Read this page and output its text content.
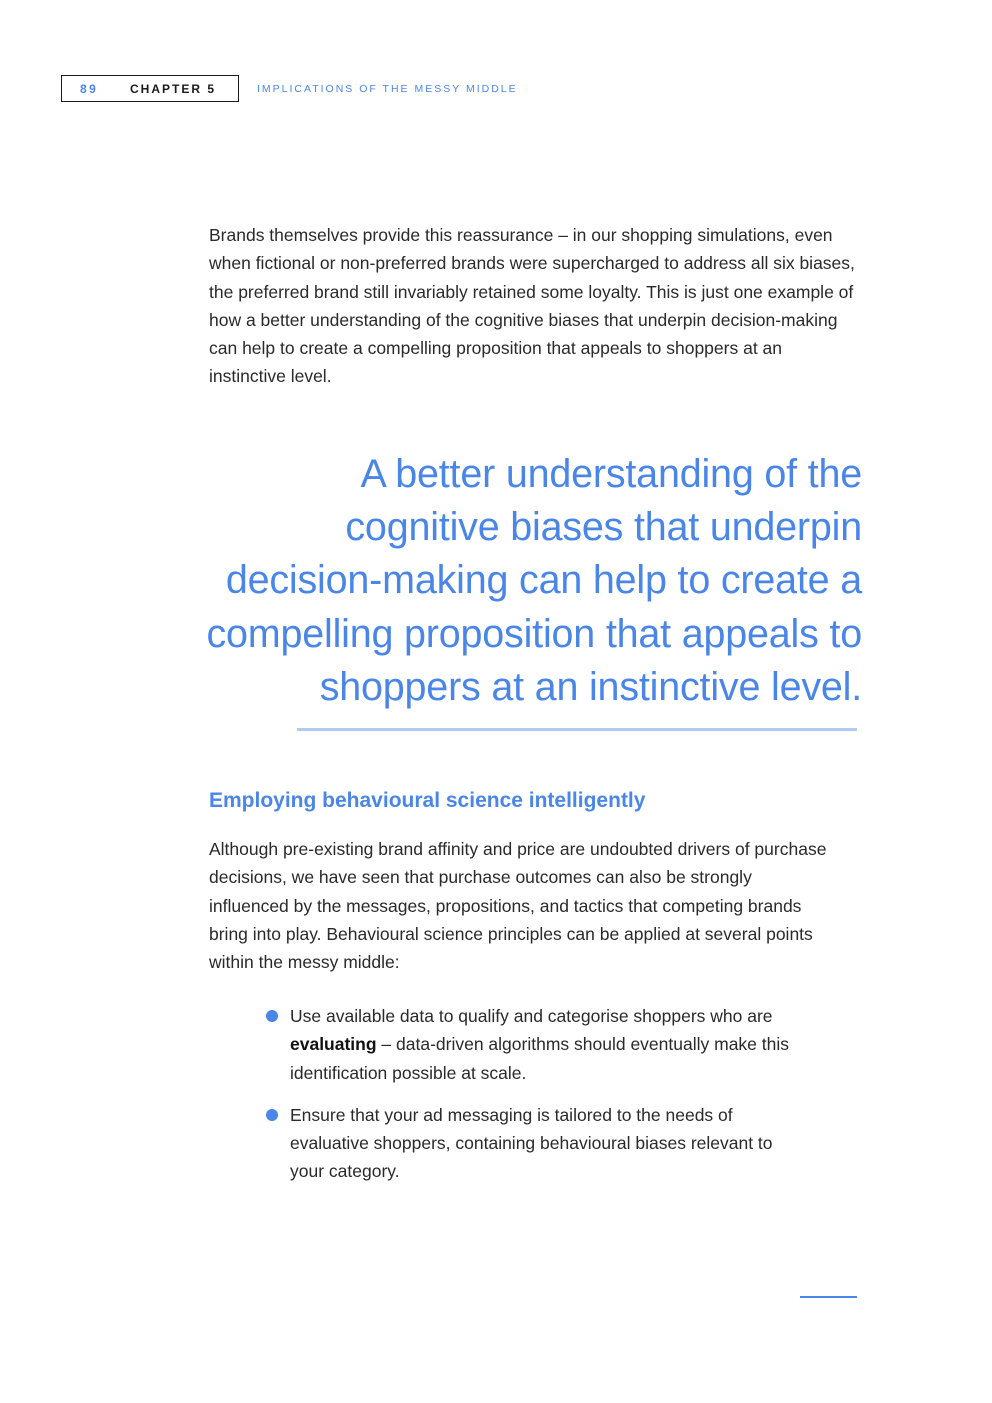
89	CHAPTER 5	IMPLICATIONS OF THE MESSY MIDDLE

Brands themselves provide this reassurance – in our shopping simulations, even when fictional or non-preferred brands were supercharged to address all six biases, the preferred brand still invariably retained some loyalty. This is just one example of how a better understanding of the cognitive biases that underpin decision-making can help to create a compelling proposition that appeals to shoppers at an instinctive level.

A better understanding of the
cognitive biases that underpin
decision-making can help to create a
compelling proposition that appeals to
shoppers at an instinctive level.
Employing behavioural science intelligently

Although pre-existing brand affinity and price are undoubted drivers of purchase decisions, we have seen that purchase outcomes can also be strongly influenced by the messages, propositions, and tactics that competing brands bring into play. Behavioural science principles can be applied at several points within the messy middle:

Use available data to qualify and categorise shoppers who are evaluating – data-driven algorithms should eventually make this identification possible at scale.
Ensure that your ad messaging is tailored to the needs of evaluative shoppers, containing behavioural biases relevant to your category.
